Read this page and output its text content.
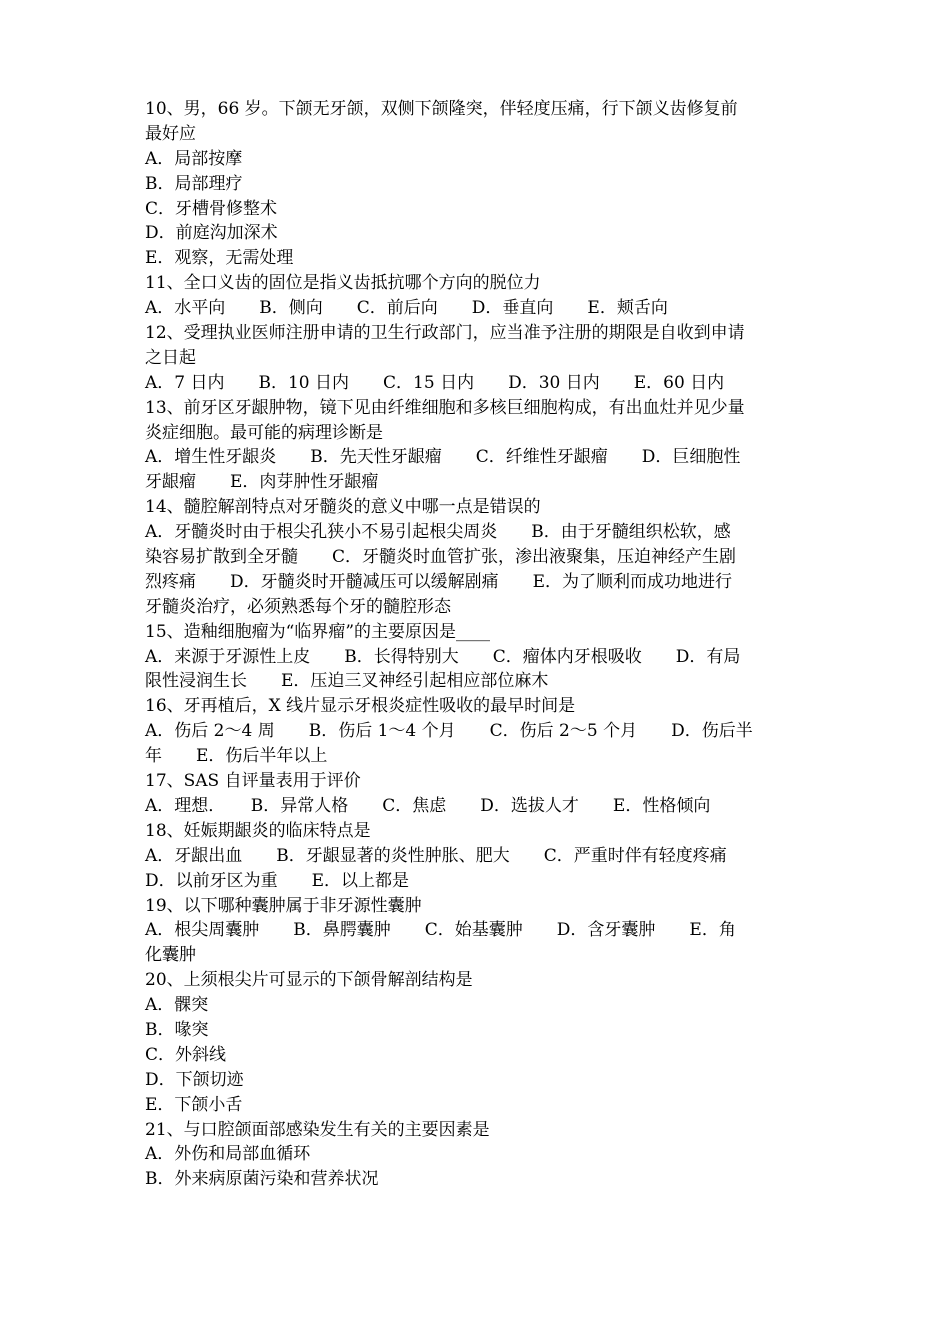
10、男，66 岁。下颌无牙颌，双侧下颌隆突，伴轻度压痛，行下颌义齿修复前
最好应
A．局部按摩
B．局部理疗
C．牙槽骨修整术
D．前庭沟加深术
E．观察，无需处理
11、全口义齿的固位是指义齿抵抗哪个方向的脱位力
A．水平向　　B．侧向　　C．前后向　　D．垂直向　　E．颊舌向
12、受理执业医师注册申请的卫生行政部门，应当准予注册的期限是自收到申请
之日起
A．7 日内　　B．10 日内　　C．15 日内　　D．30 日内　　E．60 日内
13、前牙区牙龈肿物，镜下见由纤维细胞和多核巨细胞构成，有出血灶并见少量
炎症细胞。最可能的病理诊断是
A．增生性牙龈炎　　B．先天性牙龈瘤　　C．纤维性牙龈瘤　　D．巨细胞性
牙龈瘤　　E．肉芽肿性牙龈瘤
14、髓腔解剖特点对牙髓炎的意义中哪一点是错误的
A．牙髓炎时由于根尖孔狭小不易引起根尖周炎　　B．由于牙髓组织松软，感
染容易扩散到全牙髓　　C．牙髓炎时血管扩张，渗出液聚集，压迫神经产生剧
烈疼痛　　D．牙髓炎时开髓减压可以缓解剧痛　　E．为了顺利而成功地进行
牙髓炎治疗，必须熟悉每个牙的髓腔形态
15、造釉细胞瘤为“临界瘤”的主要原因是____
A．来源于牙源性上皮　　B．长得特别大　　C．瘤体内牙根吸收　　D．有局
限性浸润生长　　E．压迫三叉神经引起相应部位麻木
16、牙再植后，X 线片显示牙根炎症性吸收的最早时间是
A．伤后 2～4 周　　B．伤后 1～4 个月　　C．伤后 2～5 个月　　D．伤后半
年　　E．伤后半年以上
17、SAS 自评量表用于评价
A．理想．　　B．异常人格　　C．焦虑　　D．选拔人才　　E．性格倾向
18、妊娠期龈炎的临床特点是
A．牙龈出血　　B．牙龈显著的炎性肿胀、肥大　　C．严重时伴有轻度疼痛
D．以前牙区为重　　E．以上都是
19、以下哪种囊肿属于非牙源性囊肿
A．根尖周囊肿　　B．鼻腭囊肿　　C．始基囊肿　　D．含牙囊肿　　E．角
化囊肿
20、上须根尖片可显示的下颌骨解剖结构是
A．髁突
B．喙突
C．外斜线
D．下颌切迹
E．下颌小舌
21、与口腔颌面部感染发生有关的主要因素是
A．外伤和局部血循环
B．外来病原菌污染和营养状况
